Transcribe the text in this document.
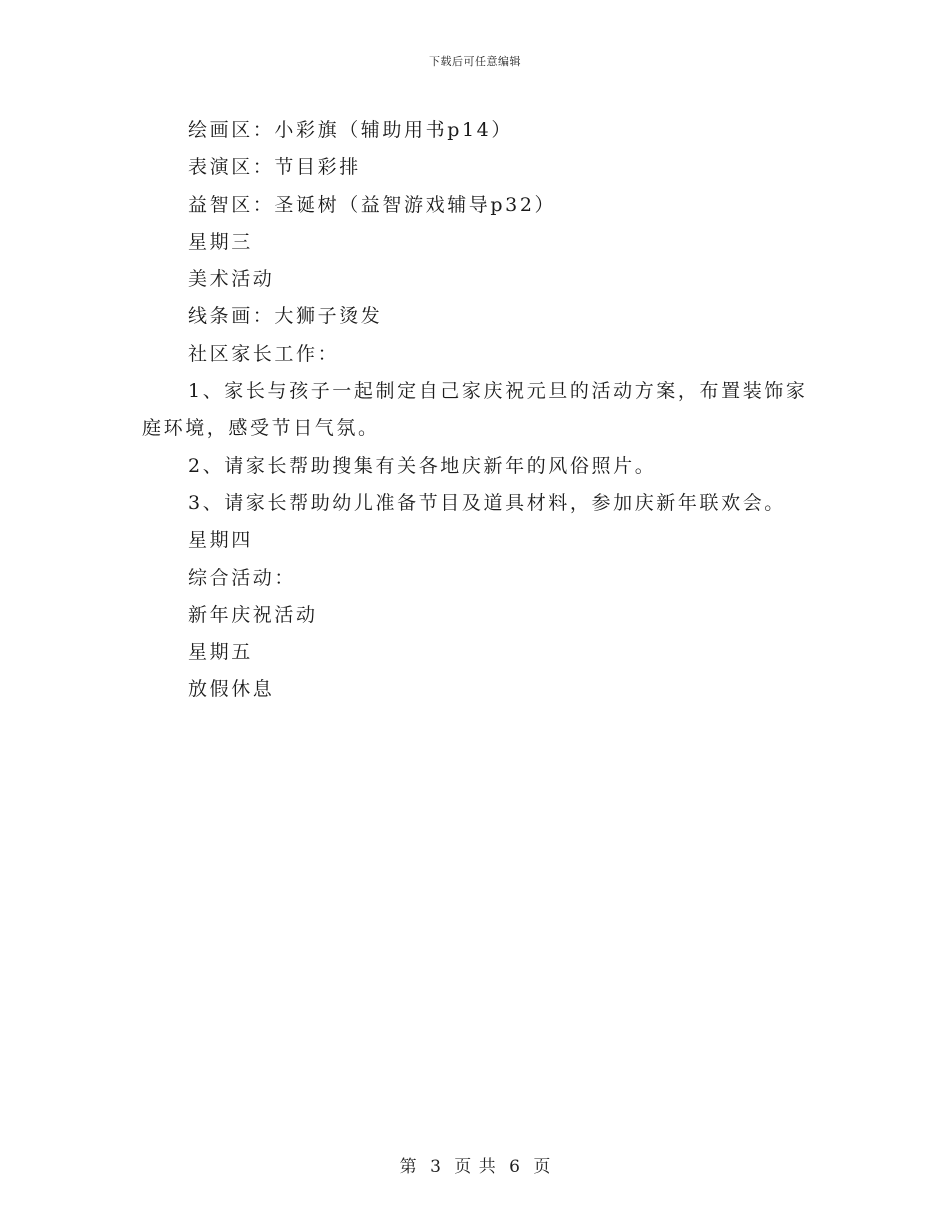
下载后可任意编辑
绘画区：小彩旗（辅助用书p14）
表演区：节目彩排
益智区：圣诞树（益智游戏辅导p32）
星期三
美术活动
线条画：大狮子烫发
社区家长工作：
1、家长与孩子一起制定自己家庆祝元旦的活动方案，布置装饰家庭环境，感受节日气氛。
2、请家长帮助搜集有关各地庆新年的风俗照片。
3、请家长帮助幼儿准备节目及道具材料，参加庆新年联欢会。
星期四
综合活动：
新年庆祝活动
星期五
放假休息
第 3 页 共 6 页
